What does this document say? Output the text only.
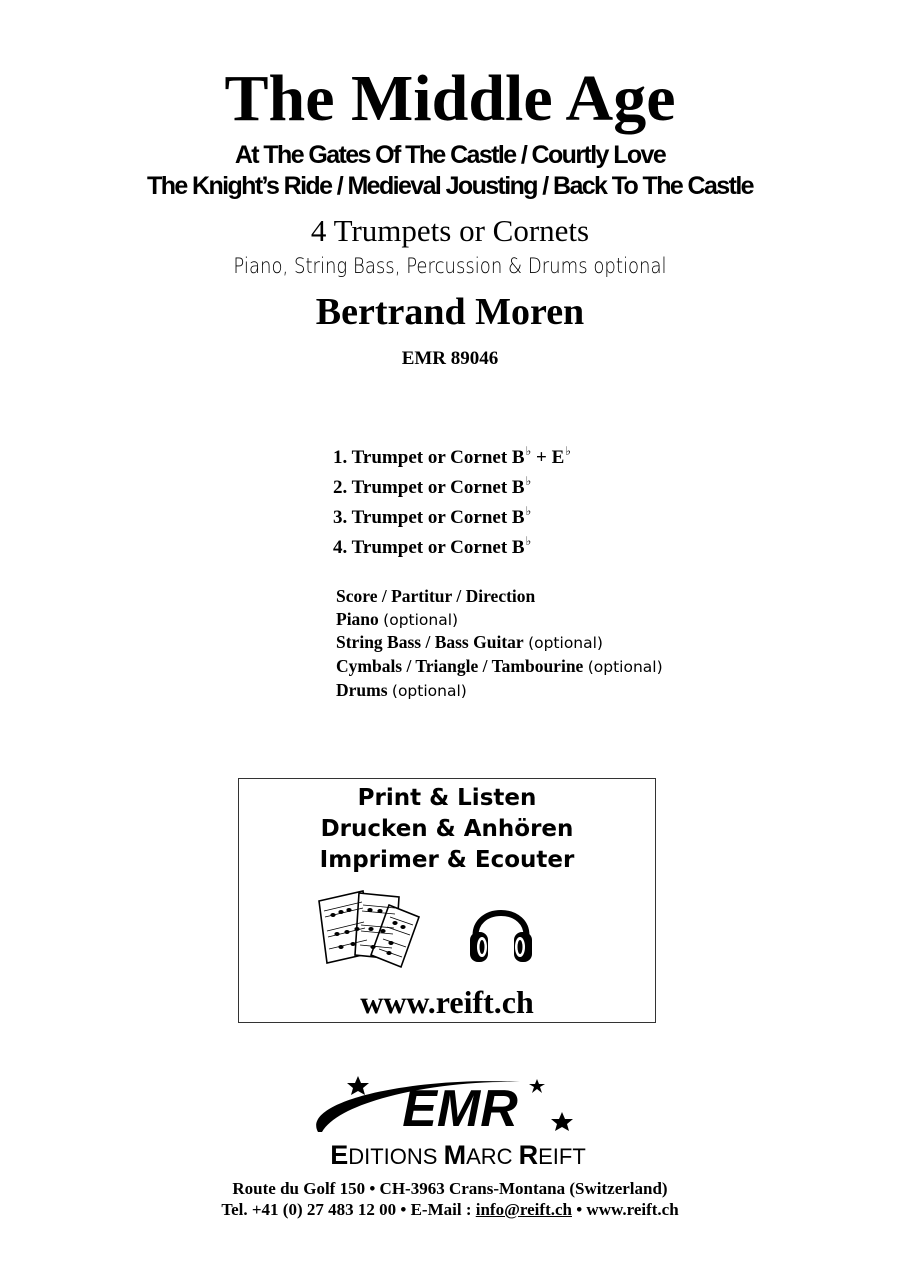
The Middle Age
At The Gates Of The Castle / Courtly Love
The Knight’s Ride / Medieval Jousting / Back To The Castle
4 Trumpets or Cornets
Piano, String Bass, Percussion & Drums optional
Bertrand Moren
EMR 89046
1. Trumpet or Cornet B♭ + E♭
2. Trumpet or Cornet B♭
3. Trumpet or Cornet B♭
4. Trumpet or Cornet B♭
Score / Partitur / Direction
Piano (optional)
String Bass / Bass Guitar (optional)
Cymbals / Triangle / Tambourine (optional)
Drums (optional)
Print & Listen
Drucken & Anhören
Imprimer & Ecouter
www.reift.ch
EMR
EDITIONS MARC REIFT
Route du Golf 150 • CH-3963 Crans-Montana (Switzerland)
Tel. +41 (0) 27 483 12 00 • E-Mail : info@reift.ch • www.reift.ch
